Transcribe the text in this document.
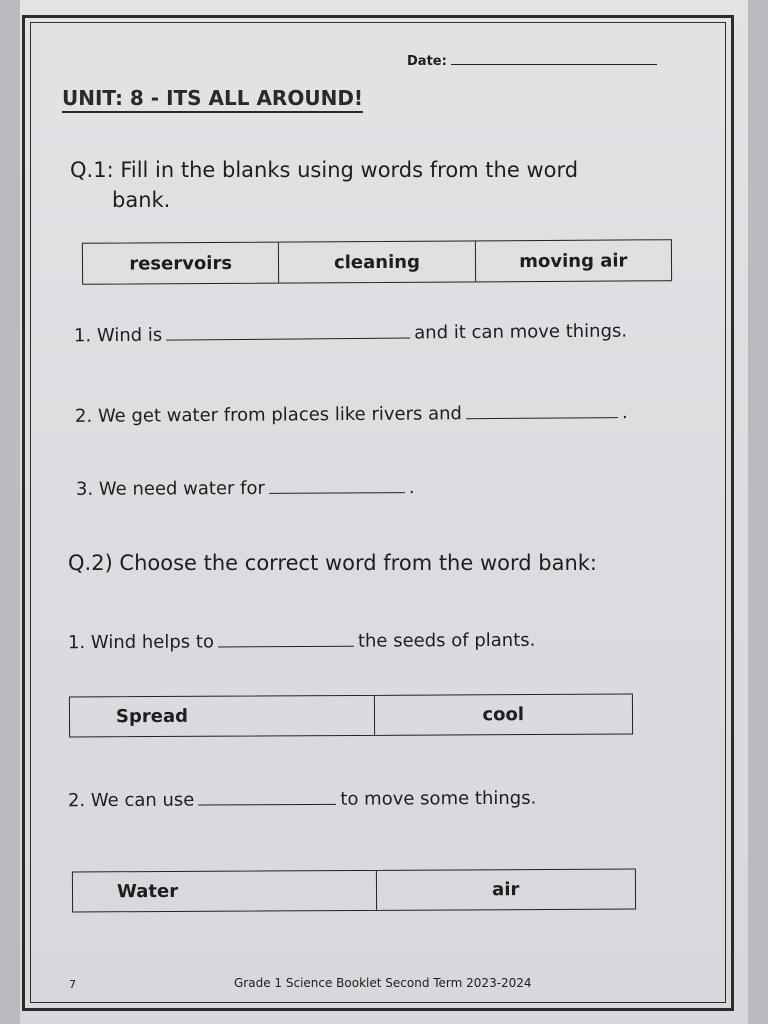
Date:
UNIT: 8 - ITS ALL AROUND!
Q.1: Fill in the blanks using words from the word
bank.
reservoirs	cleaning	moving air
1. Wind is	and it can move things.
2. We get water from places like rivers and	.
3. We need water for	.
Q.2) Choose the correct word from the word bank:
1. Wind helps to	the seeds of plants.
Spread	cool
2. We can use	to move some things.
Water	air
7	Grade 1 Science Booklet Second Term 2023-2024
